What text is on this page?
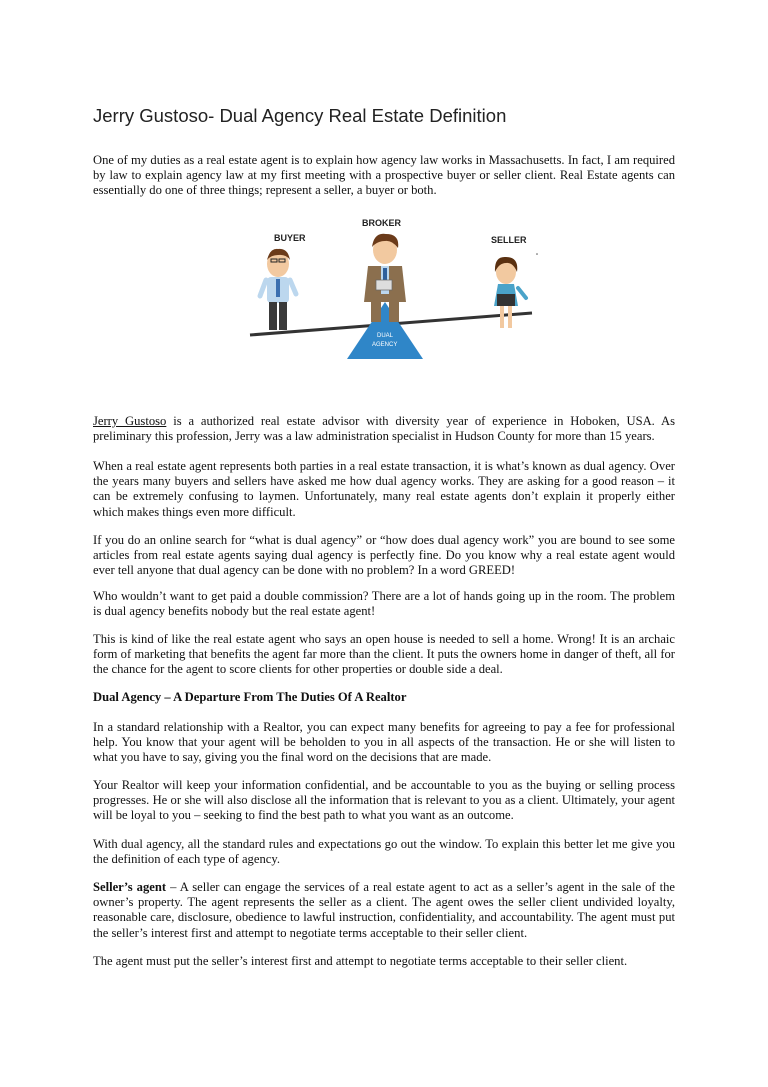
Jerry Gustoso- Dual Agency Real Estate Definition

One of my duties as a real estate agent is to explain how agency law works in Massachusetts. In fact, I am required by law to explain agency law at my first meeting with a prospective buyer or seller client. Real Estate agents can essentially do one of three things; represent a seller, a buyer or both.

BUYER
BROKER
SELLER
DUAL
AGENCY

Jerry Gustoso is a authorized real estate advisor with diversity year of experience in Hoboken, USA. As preliminary this profession, Jerry was a law administration specialist in Hudson County for more than 15 years.

When a real estate agent represents both parties in a real estate transaction, it is what’s known as dual agency. Over the years many buyers and sellers have asked me how dual agency works. They are asking for a good reason – it can be extremely confusing to laymen. Unfortunately, many real estate agents don’t explain it properly either which makes things even more difficult.

If you do an online search for “what is dual agency” or “how does dual agency work” you are bound to see some articles from real estate agents saying dual agency is perfectly fine. Do you know why a real estate agent would ever tell anyone that dual agency can be done with no problem? In a word GREED!

Who wouldn’t want to get paid a double commission? There are a lot of hands going up in the room. The problem is dual agency benefits nobody but the real estate agent!

This is kind of like the real estate agent who says an open house is needed to sell a home. Wrong! It is an archaic form of marketing that benefits the agent far more than the client. It puts the owners home in danger of theft, all for the chance for the agent to score clients for other properties or double side a deal.

Dual Agency – A Departure From The Duties Of A Realtor

In a standard relationship with a Realtor, you can expect many benefits for agreeing to pay a fee for professional help. You know that your agent will be beholden to you in all aspects of the transaction. He or she will listen to what you have to say, giving you the final word on the decisions that are made.

Your Realtor will keep your information confidential, and be accountable to you as the buying or selling process progresses. He or she will also disclose all the information that is relevant to you as a client. Ultimately, your agent will be loyal to you – seeking to find the best path to what you want as an outcome.

With dual agency, all the standard rules and expectations go out the window. To explain this better let me give you the definition of each type of agency.

Seller’s agent – A seller can engage the services of a real estate agent to act as a seller’s agent in the sale of the owner’s property. The agent represents the seller as a client. The agent owes the seller client undivided loyalty, reasonable care, disclosure, obedience to lawful instruction, confidentiality, and accountability. The agent must put the seller’s interest first and attempt to negotiate terms acceptable to their seller client.

The agent must put the seller’s interest first and attempt to negotiate terms acceptable to their seller client.
